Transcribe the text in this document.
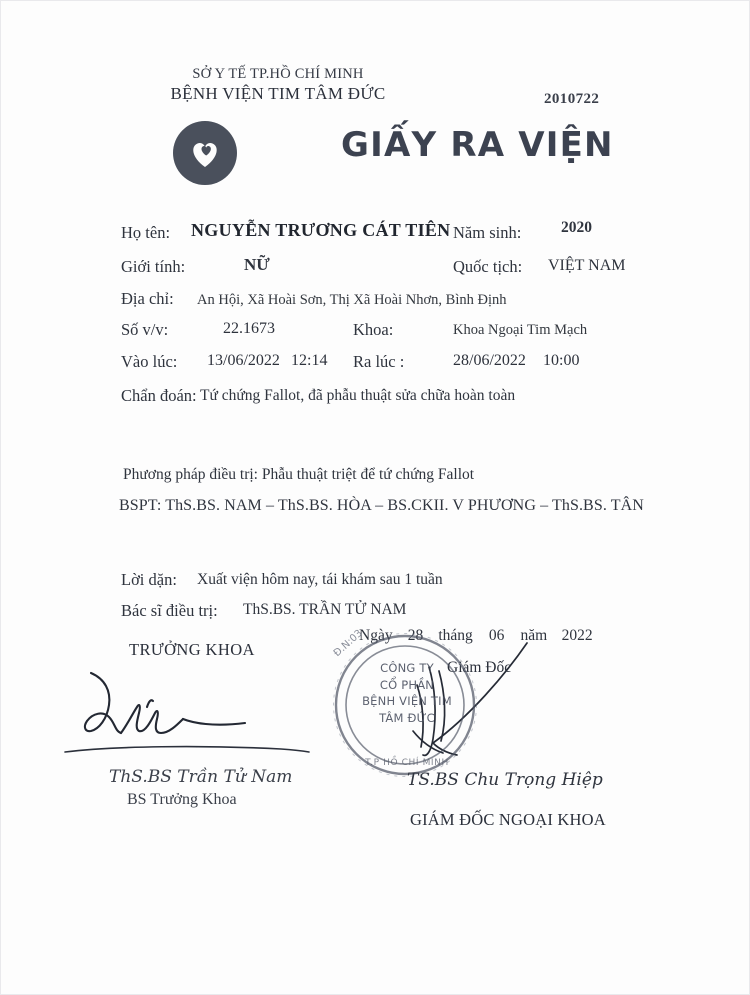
SỞ Y TẾ TP.HỒ CHÍ MINH
BỆNH VIỆN TIM TÂM ĐỨC	2010722
GIẤY RA VIỆN
Họ tên: NGUYỄN TRƯƠNG CÁT TIÊN Năm sinh:	2020
Giới tính:	NỮ	Quốc tịch: VIỆT NAM
Địa chỉ: An Hội, Xã Hoài Sơn, Thị Xã Hoài Nhơn, Bình Định
Số v/v:	22.1673	Khoa:	Khoa Ngoại Tim Mạch
Vào lúc: 13/06/2022 12:14 Ra lúc :	28/06/2022 10:00
Chẩn đoán: Tứ chứng Fallot, đã phẫu thuật sửa chữa hoàn toàn
Phương pháp điều trị: Phẫu thuật triệt để tứ chứng Fallot
BSPT: ThS.BS. NAM – ThS.BS. HÒA – BS.CKII. V PHƯƠNG – ThS.BS. TÂN
Lời dặn: Xuất viện hôm nay, tái khám sau 1 tuần
Bác sĩ điều trị: ThS.BS. TRẦN TỬ NAM
Ngày 28 tháng 06 năm 2022
TRƯỞNG KHOA
Giám Đốc
CÔNG TY
CỔ PHẦN
BỆNH VIỆN TIM
TÂM ĐỨC
T.P HỒ CHÍ MINH
Đ.N:03
ThS.BS Trần Tử Nam
BS Trưởng Khoa
TS.BS Chu Trọng Hiệp
GIÁM ĐỐC NGOẠI KHOA
